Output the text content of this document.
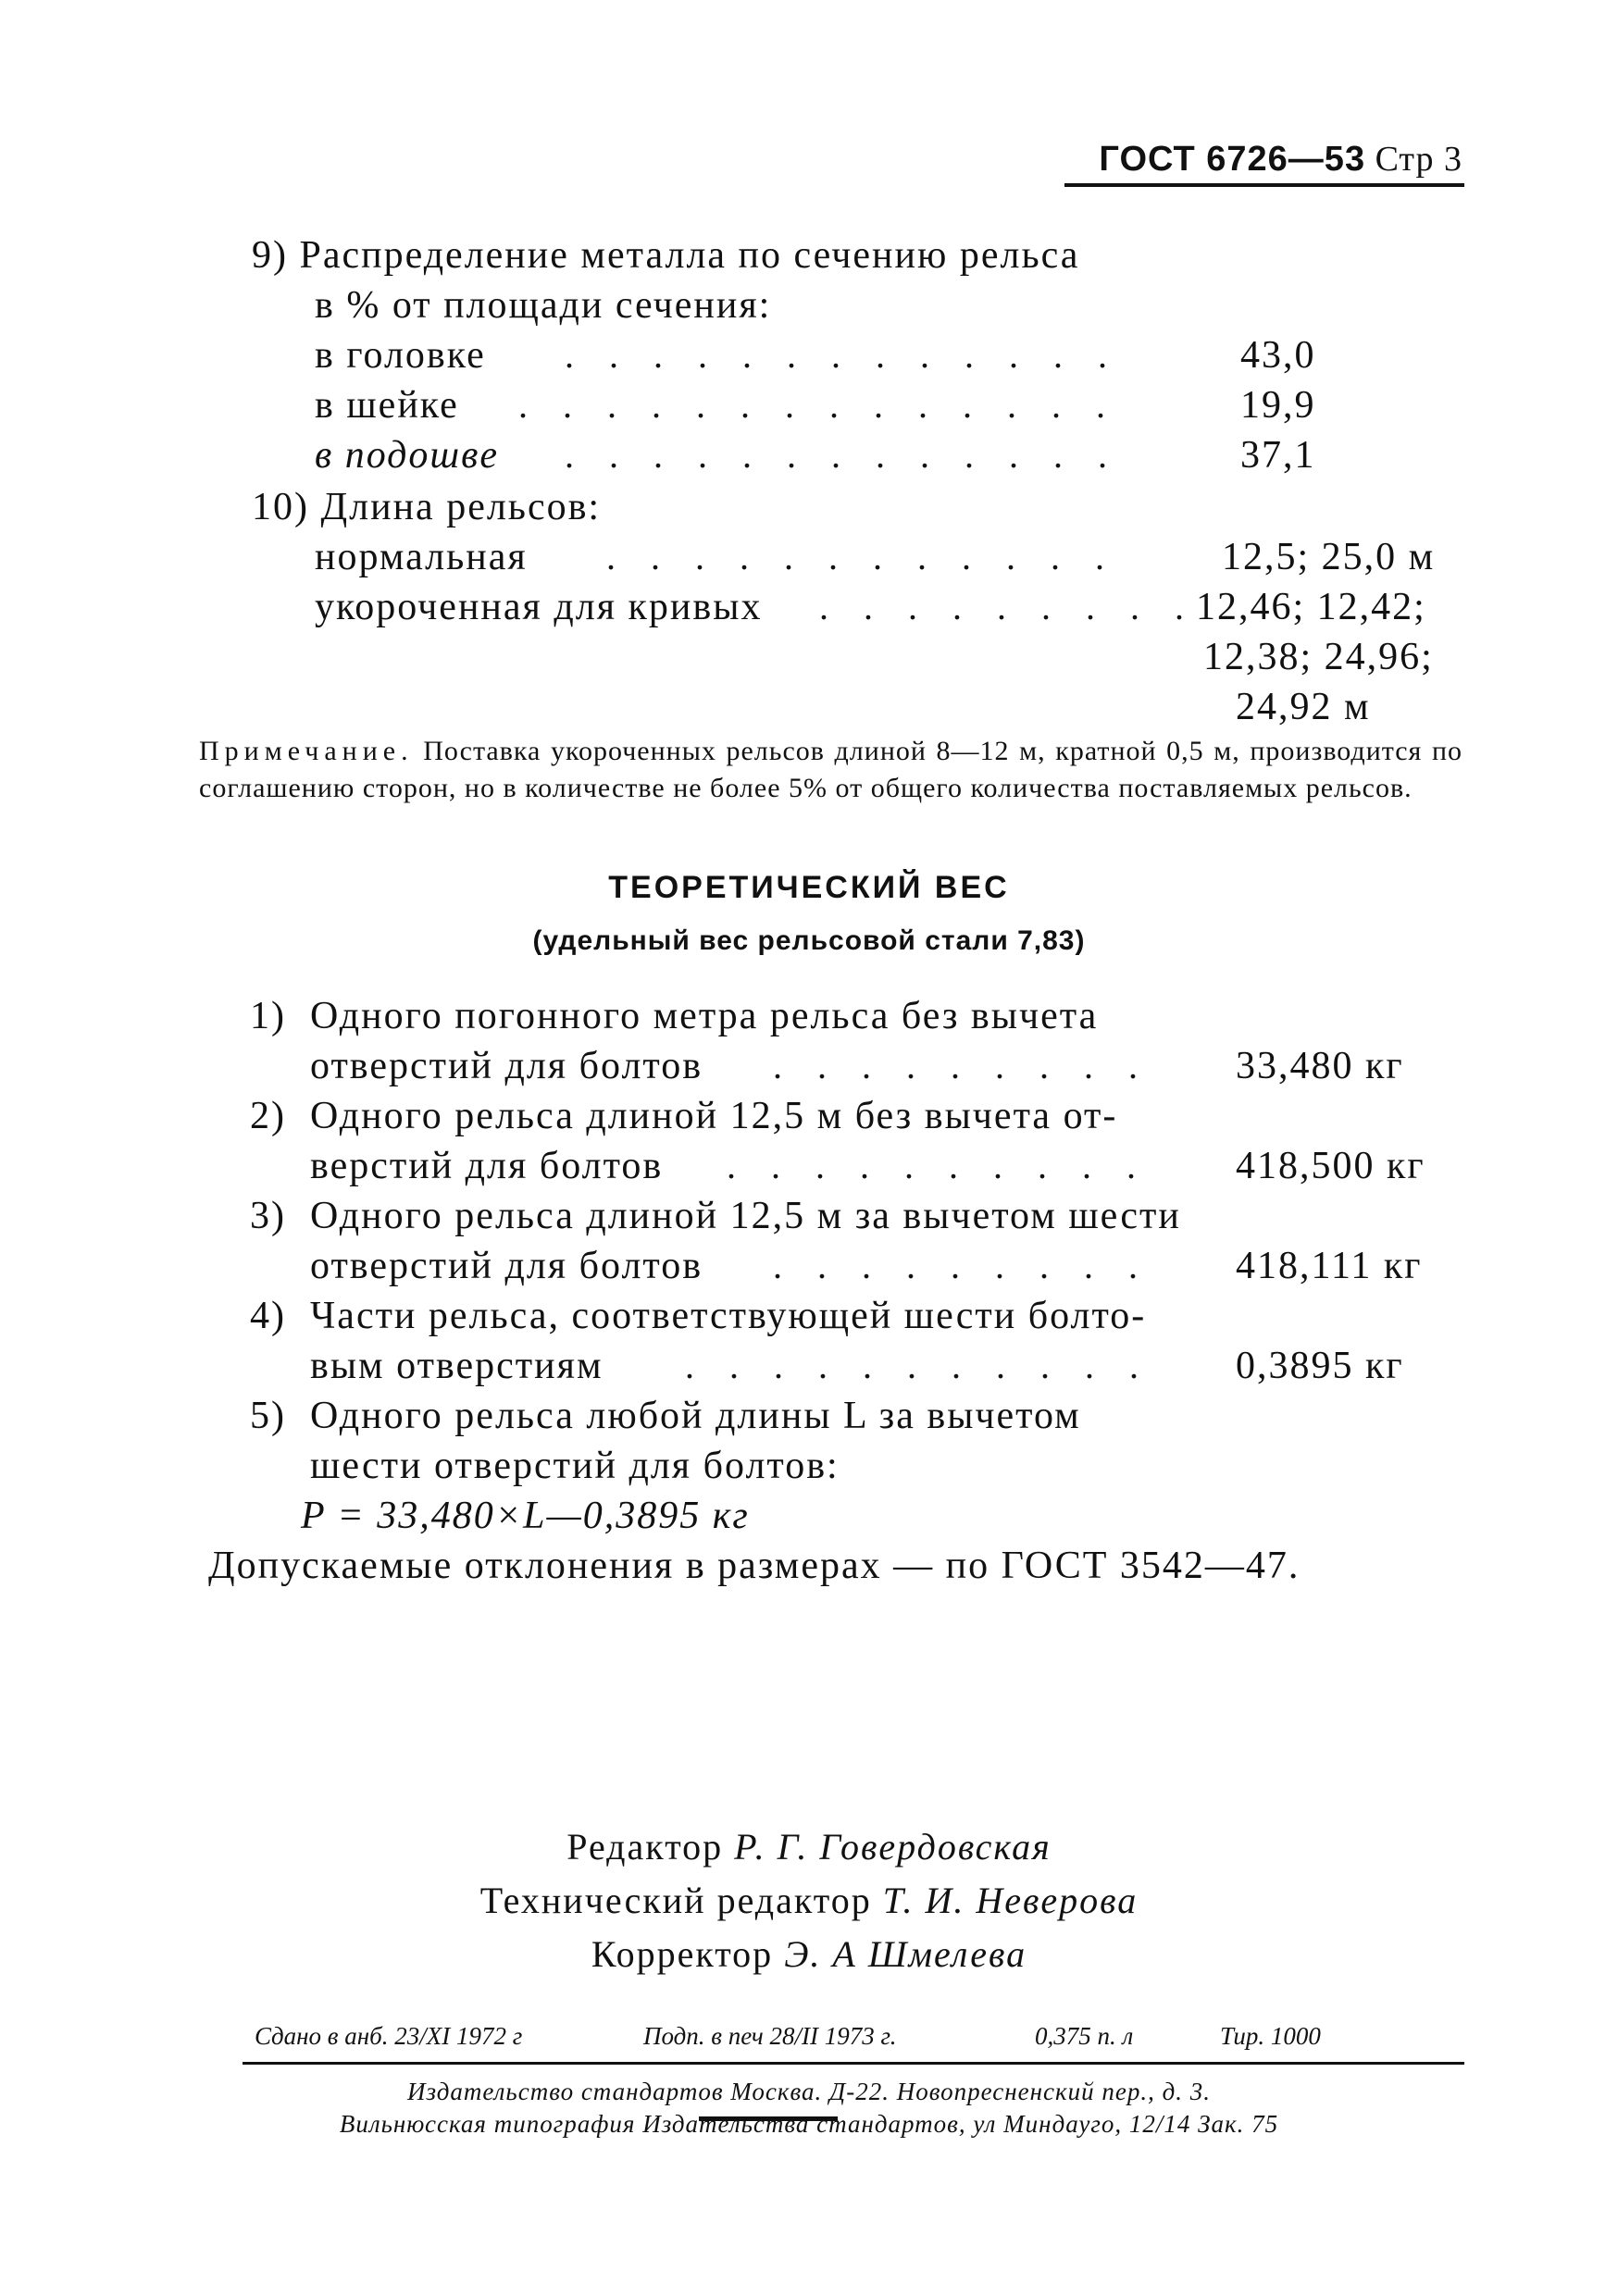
ГОСТ 6726—53 Стр 3
9) Распределение металла по сечению рельса
в % от площади сечения:
в головке . . . . . . . . . . . . .	43,0
в шейке . . . . . . . . . . . . . .	19,9
в подошве . . . . . . . . . . . . .	37,1
10) Длина рельсов:
нормальная . . . . . . . . . . . .	12,5; 25,0 м
укороченная для кривых . . . . . . . . . 12,46; 12,42;
12,38; 24,96;
24,92 м
Примечание. Поставка укороченных рельсов длиной 8—12 м, кратной 0,5 м, производится по соглашению сторон, но в количестве не более 5% от общего количества поставляемых рельсов.
ТЕОРЕТИЧЕСКИЙ ВЕС
(удельный вес рельсовой стали 7,83)
1) Одного погонного метра рельса без вычета
отверстий для болтов . . . . . . . . . 33,480 кг
2) Одного рельса длиной 12,5 м без вычета от-
верстий для болтов . . . . . . . . . . 418,500 кг
3) Одного рельса длиной 12,5 м за вычетом шести
отверстий для болтов . . . . . . . . . 418,111 кг
4) Части рельса, соответствующей шести болто-
вым отверстиям . . . . . . . . . . . 0,3895 кг
5) Одного рельса любой длины L за вычетом
шести отверстий для болтов:
P = 33,480×L—0,3895 кг
Допускаемые отклонения в размерах — по ГОСТ 3542—47.
Редактор Р. Г. Говердовская
Технический редактор Т. И. Неверова
Корректор Э. А Шмелева
Сдано в анб. 23/XI 1972 г	Подп. в печ 28/II 1973 г.	0,375 п. л	Тир. 1000
Издательство стандартов Москва. Д-22. Новопресненский пер., д. 3.
Вильнюсская типография Издательства стандартов, ул Миндауго, 12/14 Зак. 75
